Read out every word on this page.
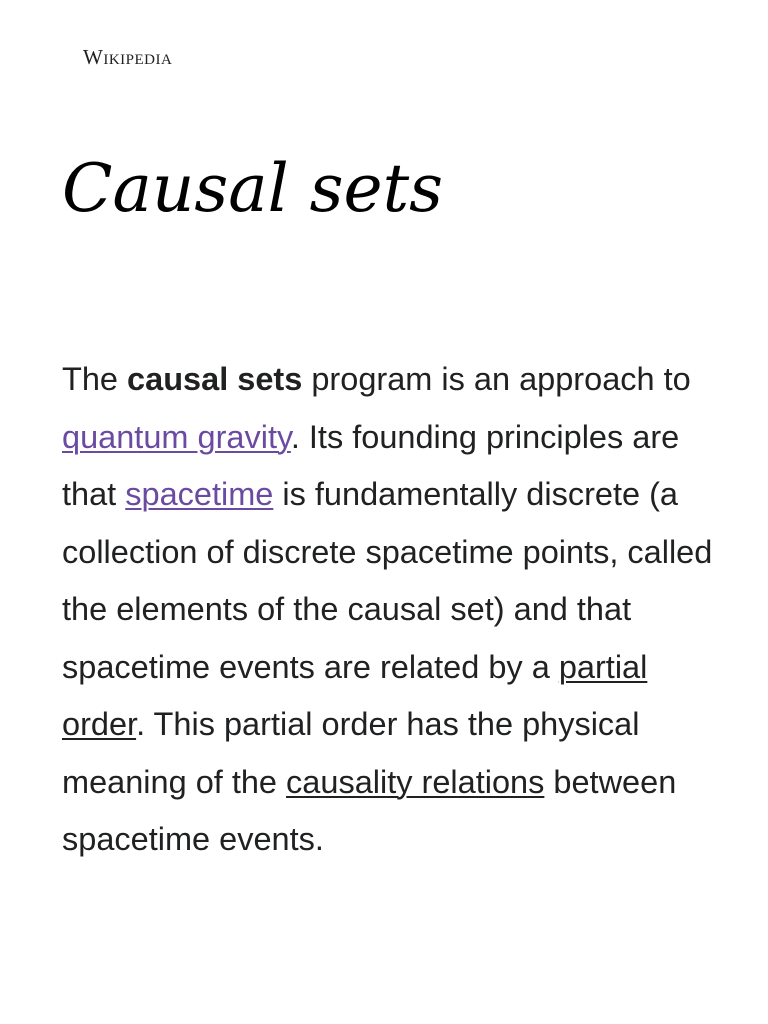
Wikipedia
Causal sets

The causal sets program is an approach to quantum gravity. Its founding principles are that spacetime is fundamentally discrete (a collection of discrete spacetime points, called the elements of the causal set) and that spacetime events are related by a partial order. This partial order has the physical meaning of the causality relations between spacetime events.
